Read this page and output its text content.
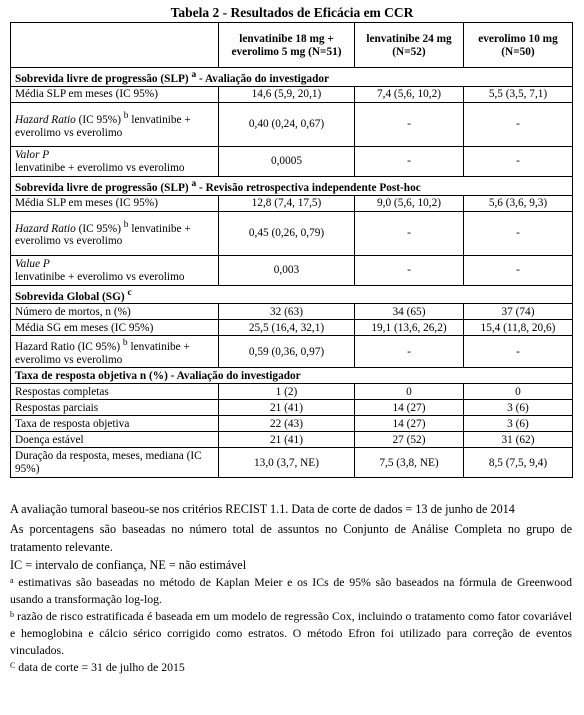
Tabela 2 - Resultados de Eficácia em CCR
	lenvatinibe 18 mg + everolimo 5 mg (N=51)	lenvatinibe 24 mg (N=52)	everolimo 10 mg (N=50)
Sobrevida livre de progressão (SLP) $^a$ - Avaliação do investigador			
Média SLP em meses (IC 95%)	14,6 (5,9, 20,1)	7,4 (5,6, 10,2)	5,5 (3,5, 7,1)
Hazard Ratio (IC 95%) $^b$ lenvatinibe + everolimo vs everolimo	0,40 (0,24, 0,67)	-	-
Valor P
lenvatinibe + everolimo vs everolimo	0,0005	-	-
Sobrevida livre de progressão (SLP) $^a$ - Revisão retrospectiva independente Post-hoc			
Média SLP em meses (IC 95%)	12,8 (7,4, 17,5)	9,0 (5,6, 10,2)	5,6 (3,6, 9,3)
Hazard Ratio (IC 95%) $^b$ lenvatinibe + everolimo vs everolimo	0,45 (0,26, 0,79)	-	-
Value P
lenvatinibe + everolimo vs everolimo	0,003	-	-
Sobrevida Global (SG) $^c$
Número de mortos, n (%)	32 (63)	34 (65)	37 (74)
Média SG em meses (IC 95%)	25,5 (16,4, 32,1)	19,1 (13,6, 26,2)	15,4 (11,8, 20,6)
Hazard Ratio (IC 95%) $^b$ lenvatinibe + everolimo vs everolimo	0,59 (0,36, 0,97)	-	-
Taxa de resposta objetiva n (%) - Avaliação do investigador			
Respostas completas	1 (2)	0	0
Respostas parciais	21 (41)	14 (27)	3 (6)
Taxa de resposta objetiva	22 (43)	14 (27)	3 (6)
Doença estável	21 (41)	27 (52)	31 (62)
Duração da resposta, meses, mediana (IC 95%)	13,0 (3,7, NE)	7,5 (3,8, NE)	8,5 (7,5, 9,4)

A avaliação tumoral baseou-se nos critérios RECIST 1.1. Data de corte de dados = 13 de junho de 2014

As porcentagens são baseadas no número total de assuntos no Conjunto de Análise Completa no grupo de tratamento relevante.

IC = intervalo de confiança, NE = não estimável

$^a$ estimativas são baseadas no método de Kaplan Meier e os ICs de 95% são baseados na fórmula de Greenwood usando a transformação log-log.

$^b$ razão de risco estratificada é baseada em um modelo de regressão Cox, incluindo o tratamento como fator covariável e hemoglobina e cálcio sérico corrigido como estratos. O método Efron foi utilizado para correção de eventos vinculados.

$^C$ data de corte = 31 de julho de 2015
